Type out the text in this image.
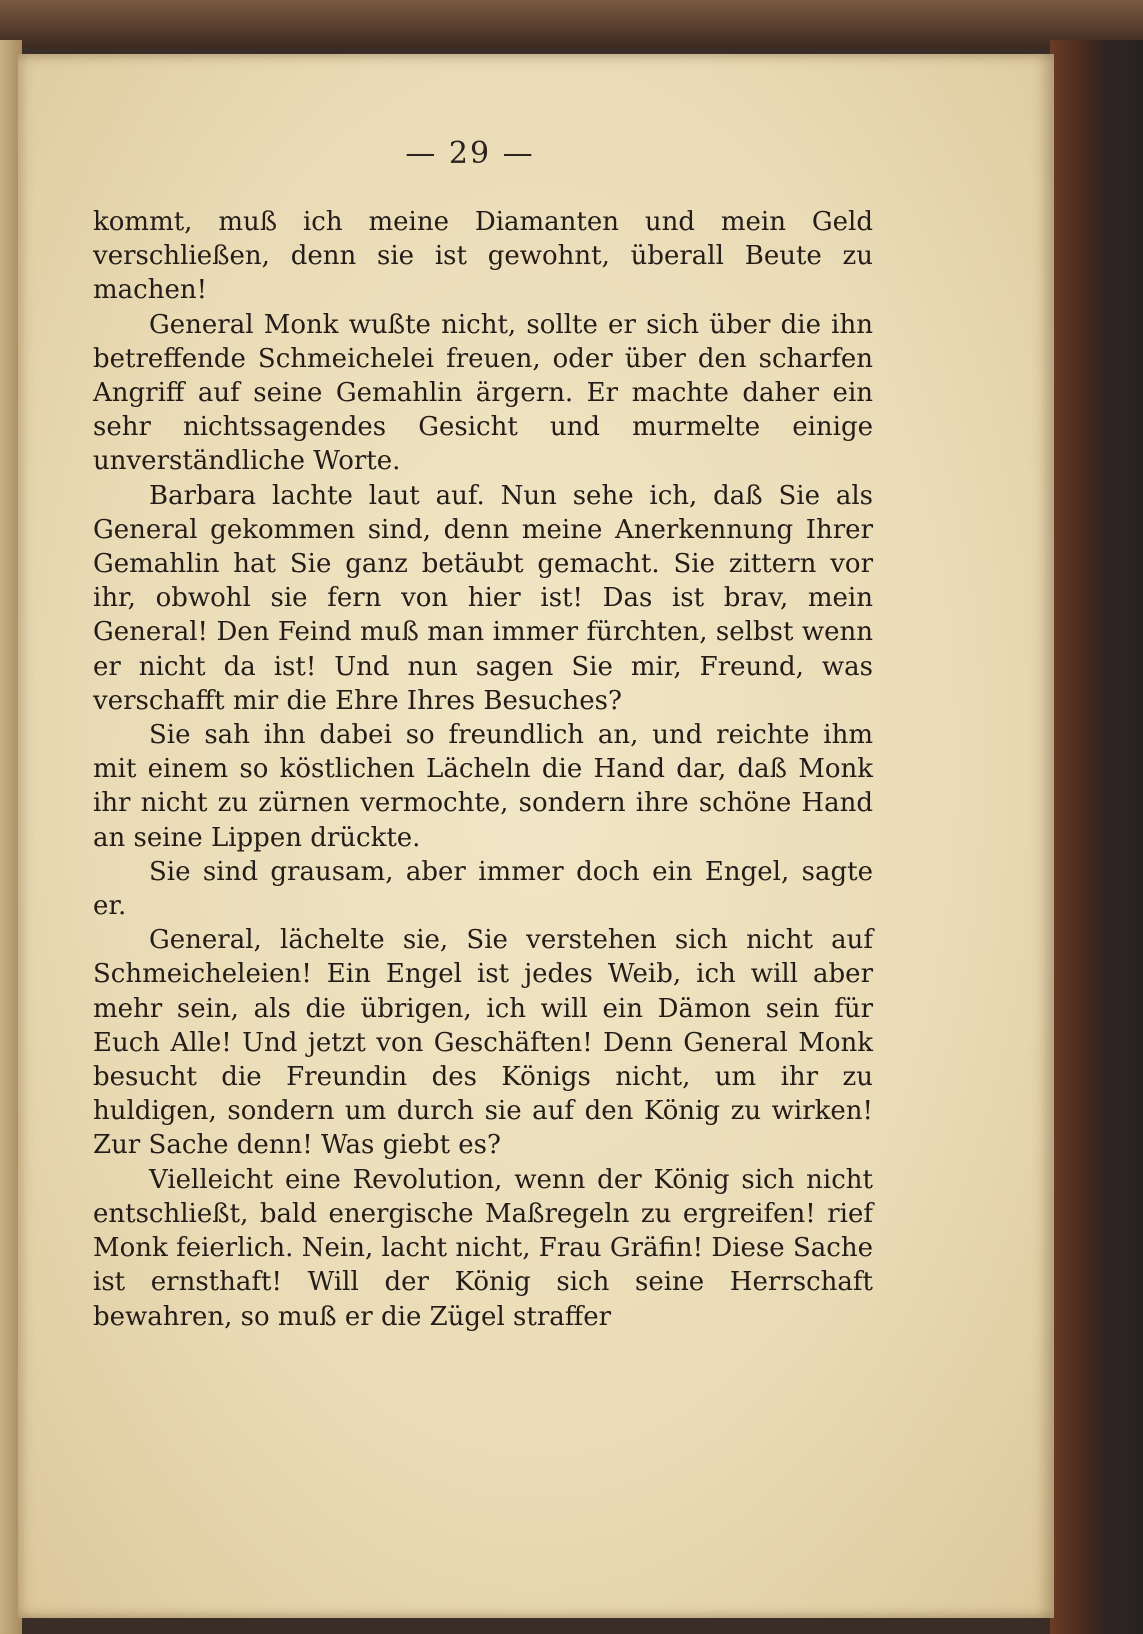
— 29 —

kommt, muß ich meine Diamanten und mein Geld verschließen, denn sie ist gewohnt, überall Beute zu machen!

General Monk wußte nicht, sollte er sich über die ihn betreffende Schmeichelei freuen, oder über den scharfen Angriff auf seine Gemahlin ärgern. Er machte daher ein sehr nichtssagendes Gesicht und murmelte einige unverständliche Worte.

Barbara lachte laut auf. Nun sehe ich, daß Sie als General gekommen sind, denn meine Anerkennung Ihrer Gemahlin hat Sie ganz betäubt gemacht. Sie zittern vor ihr, obwohl sie fern von hier ist! Das ist brav, mein General! Den Feind muß man immer fürchten, selbst wenn er nicht da ist! Und nun sagen Sie mir, Freund, was verschafft mir die Ehre Ihres Besuches?

Sie sah ihn dabei so freundlich an, und reichte ihm mit einem so köstlichen Lächeln die Hand dar, daß Monk ihr nicht zu zürnen vermochte, sondern ihre schöne Hand an seine Lippen drückte.

Sie sind grausam, aber immer doch ein Engel, sagte er.

General, lächelte sie, Sie verstehen sich nicht auf Schmeicheleien! Ein Engel ist jedes Weib, ich will aber mehr sein, als die übrigen, ich will ein Dämon sein für Euch Alle! Und jetzt von Geschäften! Denn General Monk besucht die Freundin des Königs nicht, um ihr zu huldigen, sondern um durch sie auf den König zu wirken! Zur Sache denn! Was giebt es?

Vielleicht eine Revolution, wenn der König sich nicht entschließt, bald energische Maßregeln zu ergreifen! rief Monk feierlich. Nein, lacht nicht, Frau Gräfin! Diese Sache ist ernsthaft! Will der König sich seine Herrschaft bewahren, so muß er die Zügel straffer
